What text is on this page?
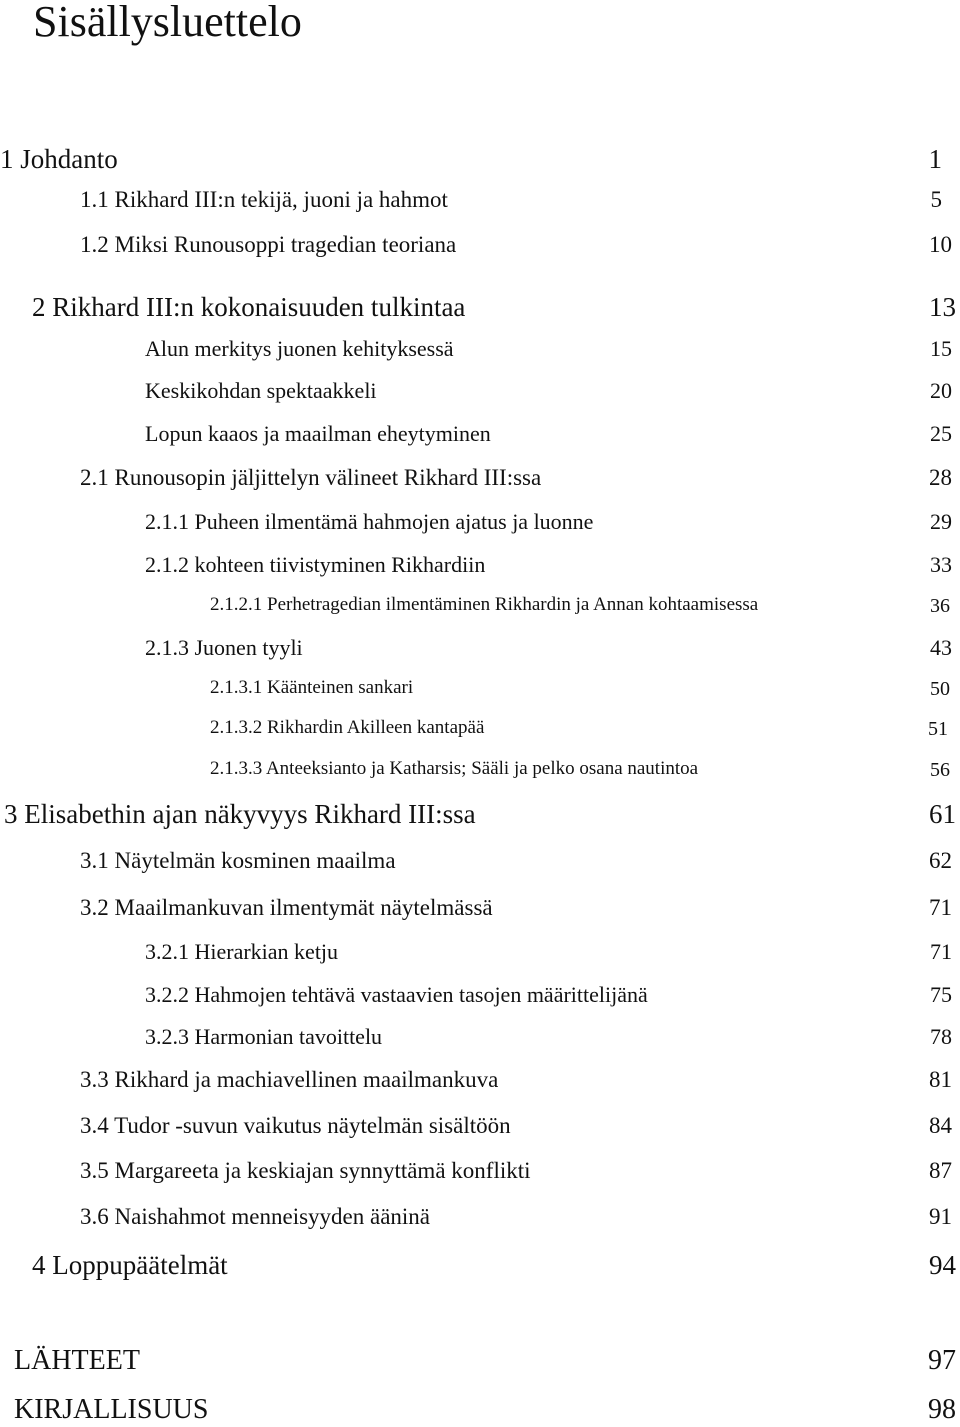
Sisällysluettelo
1 Johdanto	1
1.1 Rikhard III:n tekijä, juoni ja hahmot	5
1.2 Miksi Runousoppi tragedian teoriana	10
2 Rikhard III:n kokonaisuuden tulkintaa	13
Alun merkitys juonen kehityksessä	15
Keskikohdan spektaakkeli	20
Lopun kaaos ja maailman eheytyminen	25
2.1 Runousopin jäljittelyn välineet Rikhard III:ssa	28
2.1.1 Puheen ilmentämä hahmojen ajatus ja luonne	29
2.1.2 kohteen tiivistyminen Rikhardiin	33
2.1.2.1 Perhetragedian ilmentäminen Rikhardin ja Annan kohtaamisessa	36
2.1.3 Juonen tyyli	43
2.1.3.1 Käänteinen sankari	50
2.1.3.2 Rikhardin Akilleen kantapää	51
2.1.3.3 Anteeksianto ja Katharsis; Sääli ja pelko osana nautintoa	56
3 Elisabethin ajan näkyvyys Rikhard III:ssa	61
3.1 Näytelmän kosminen maailma	62
3.2 Maailmankuvan ilmentymät näytelmässä	71
3.2.1 Hierarkian ketju	71
3.2.2 Hahmojen tehtävä vastaavien tasojen määrittelijänä	75
3.2.3 Harmonian tavoittelu	78
3.3 Rikhard ja machiavellinen maailmankuva	81
3.4 Tudor -suvun vaikutus näytelmän sisältöön	84
3.5 Margareeta ja keskiajan synnyttämä konflikti	87
3.6 Naishahmot menneisyyden ääninä	91
4 Loppupäätelmät	94
LÄHTEET	97
KIRJALLISUUS	98
